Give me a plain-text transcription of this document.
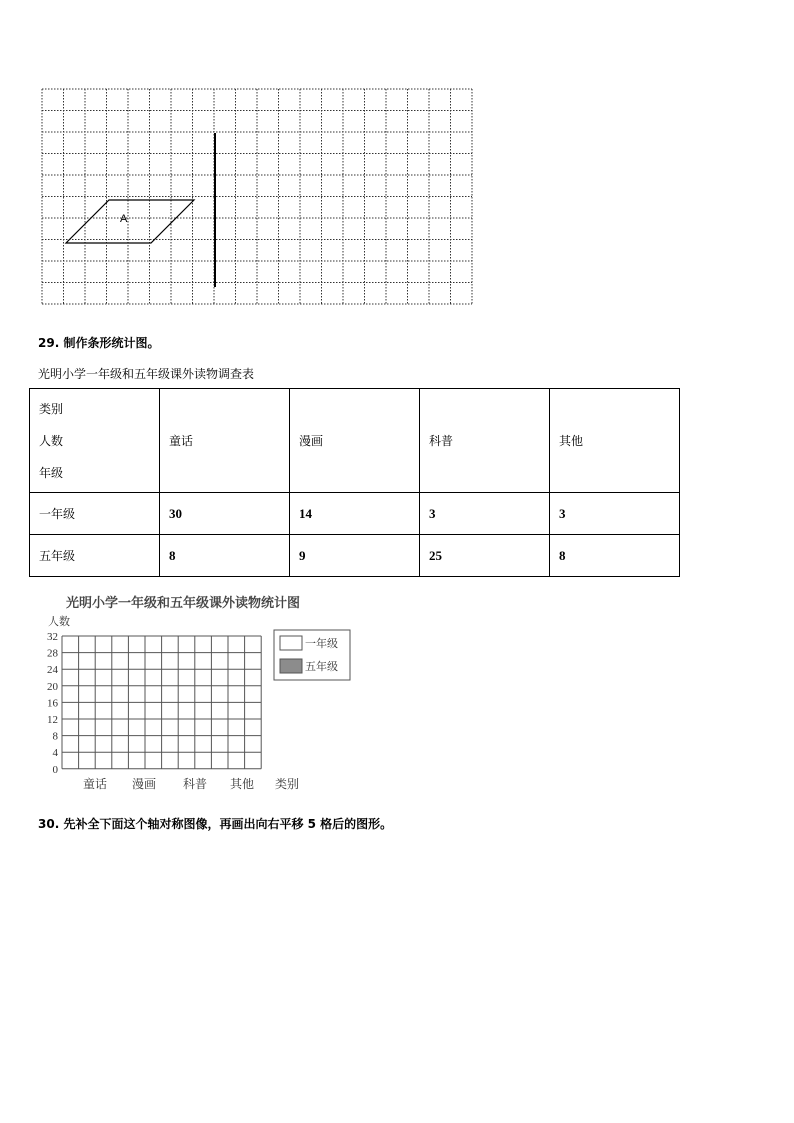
A
29. 制作条形统计图。
光明小学一年级和五年级课外读物调查表
类别
人数
年级	童话	漫画	科普	其他
一年级	30	14	3	3
五年级	8	9	25	8
光明小学一年级和五年级课外读物统计图
人数
0
4
8
12
16
20
24
28
32
童话 漫画 科普 其他 类别
一年级
五年级
30. 先补全下面这个轴对称图像，再画出向右平移 5 格后的图形。
